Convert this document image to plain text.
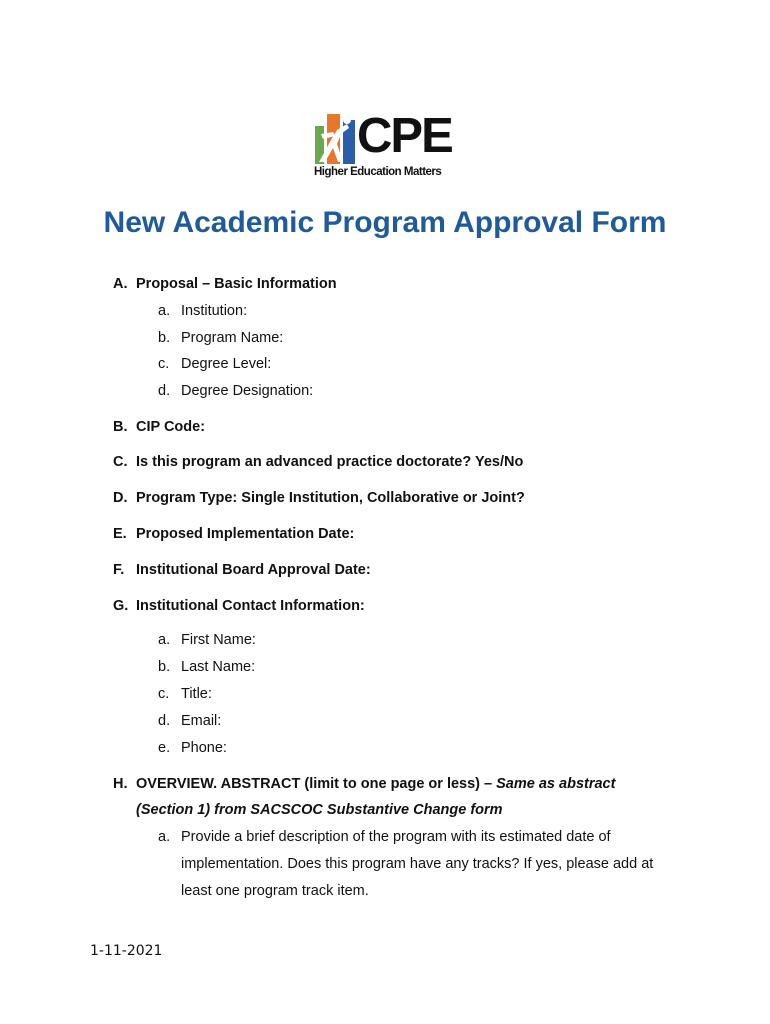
CPE
Higher Education Matters
New Academic Program Approval Form
A. Proposal – Basic Information
a. Institution:
b. Program Name:
c. Degree Level:
d. Degree Designation:
B. CIP Code:
C. Is this program an advanced practice doctorate? Yes/No
D. Program Type: Single Institution, Collaborative or Joint?
E. Proposed Implementation Date:
F. Institutional Board Approval Date:
G. Institutional Contact Information:
a. First Name:
b. Last Name:
c. Title:
d. Email:
e. Phone:
H. OVERVIEW. ABSTRACT (limit to one page or less) – Same as abstract
(Section 1) from SACSCOC Substantive Change form
a. Provide a brief description of the program with its estimated date of
implementation. Does this program have any tracks? If yes, please add at
least one program track item.
1-11-2021
